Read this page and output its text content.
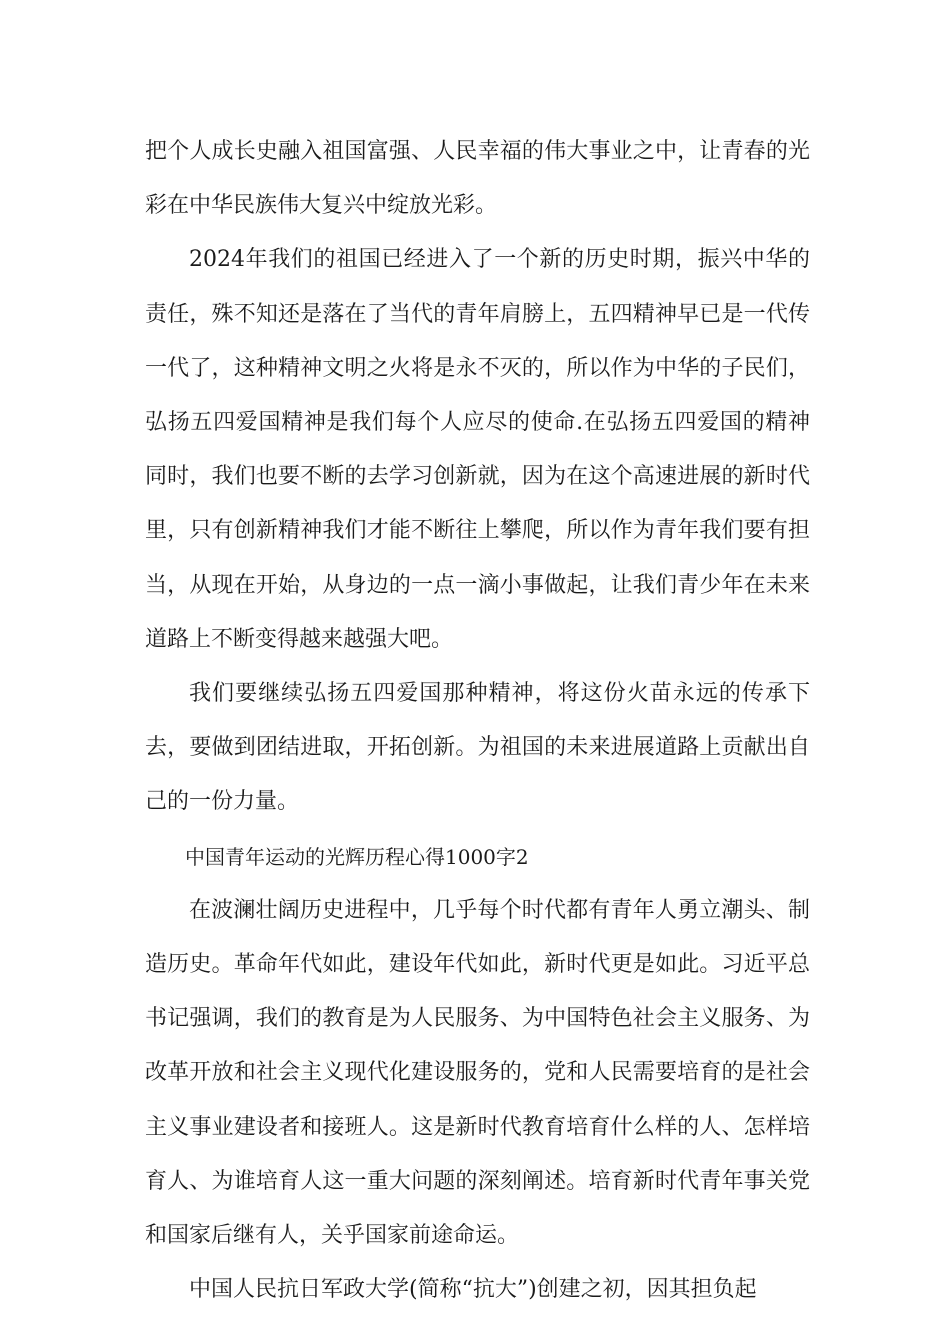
把个人成长史融入祖国富强、人民幸福的伟大事业之中，让青春的光彩在中华民族伟大复兴中绽放光彩。

2024年我们的祖国已经进入了一个新的历史时期，振兴中华的责任，殊不知还是落在了当代的青年肩膀上，五四精神早已是一代传一代了，这种精神文明之火将是永不灭的，所以作为中华的子民们，弘扬五四爱国精神是我们每个人应尽的使命.在弘扬五四爱国的精神同时，我们也要不断的去学习创新就，因为在这个高速进展的新时代里，只有创新精神我们才能不断往上攀爬，所以作为青年我们要有担当，从现在开始，从身边的一点一滴小事做起，让我们青少年在未来道路上不断变得越来越强大吧。

我们要继续弘扬五四爱国那种精神，将这份火苗永远的传承下去，要做到团结进取，开拓创新。为祖国的未来进展道路上贡献出自己的一份力量。

中国青年运动的光辉历程心得1000字2

在波澜壮阔历史进程中，几乎每个时代都有青年人勇立潮头、制造历史。革命年代如此，建设年代如此，新时代更是如此。习近平总书记强调，我们的教育是为人民服务、为中国特色社会主义服务、为改革开放和社会主义现代化建设服务的，党和人民需要培育的是社会主义事业建设者和接班人。这是新时代教育培育什么样的人、怎样培育人、为谁培育人这一重大问题的深刻阐述。培育新时代青年事关党和国家后继有人，关乎国家前途命运。

中国人民抗日军政大学(简称“抗大”)创建之初，因其担负起
